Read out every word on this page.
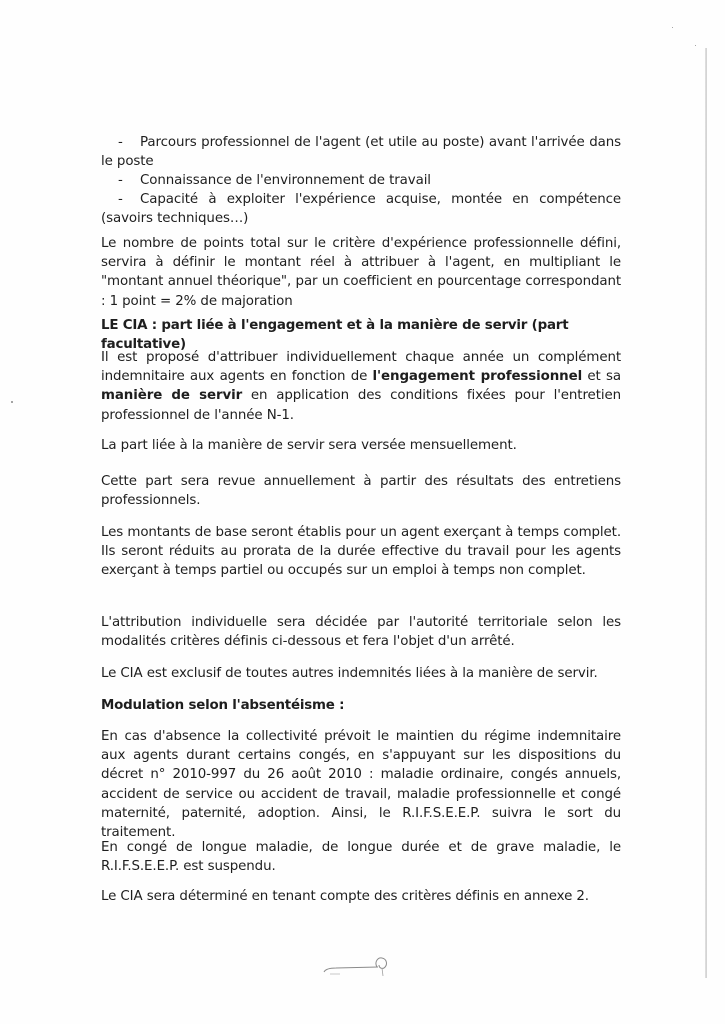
- Parcours professionnel de l'agent (et utile au poste) avant l'arrivée dans le poste
- Connaissance de l'environnement de travail
- Capacité à exploiter l'expérience acquise, montée en compétence (savoirs techniques…)

Le nombre de points total sur le critère d'expérience professionnelle défini, servira à définir le montant réel à attribuer à l'agent, en multipliant le "montant annuel théorique", par un coefficient en pourcentage correspondant : 1 point = 2% de majoration

LE CIA : part liée à l'engagement et à la manière de servir (part facultative)

Il est proposé d'attribuer individuellement chaque année un complément indemnitaire aux agents en fonction de l'engagement professionnel et sa manière de servir en application des conditions fixées pour l'entretien professionnel de l'année N-1.

La part liée à la manière de servir sera versée mensuellement.

Cette part sera revue annuellement à partir des résultats des entretiens professionnels.

Les montants de base seront établis pour un agent exerçant à temps complet. Ils seront réduits au prorata de la durée effective du travail pour les agents exerçant à temps partiel ou occupés sur un emploi à temps non complet.

L'attribution individuelle sera décidée par l'autorité territoriale selon les modalités critères définis ci-dessous et fera l'objet d'un arrêté.

Le CIA est exclusif de toutes autres indemnités liées à la manière de servir.

Modulation selon l'absentéisme :

En cas d'absence la collectivité prévoit le maintien du régime indemnitaire aux agents durant certains congés, en s'appuyant sur les dispositions du décret n° 2010-997 du 26 août 2010 : maladie ordinaire, congés annuels, accident de service ou accident de travail, maladie professionnelle et congé maternité, paternité, adoption. Ainsi, le R.I.F.S.E.E.P. suivra le sort du traitement.

En congé de longue maladie, de longue durée et de grave maladie, le R.I.F.S.E.E.P. est suspendu.

Le CIA sera déterminé en tenant compte des critères définis en annexe 2.
